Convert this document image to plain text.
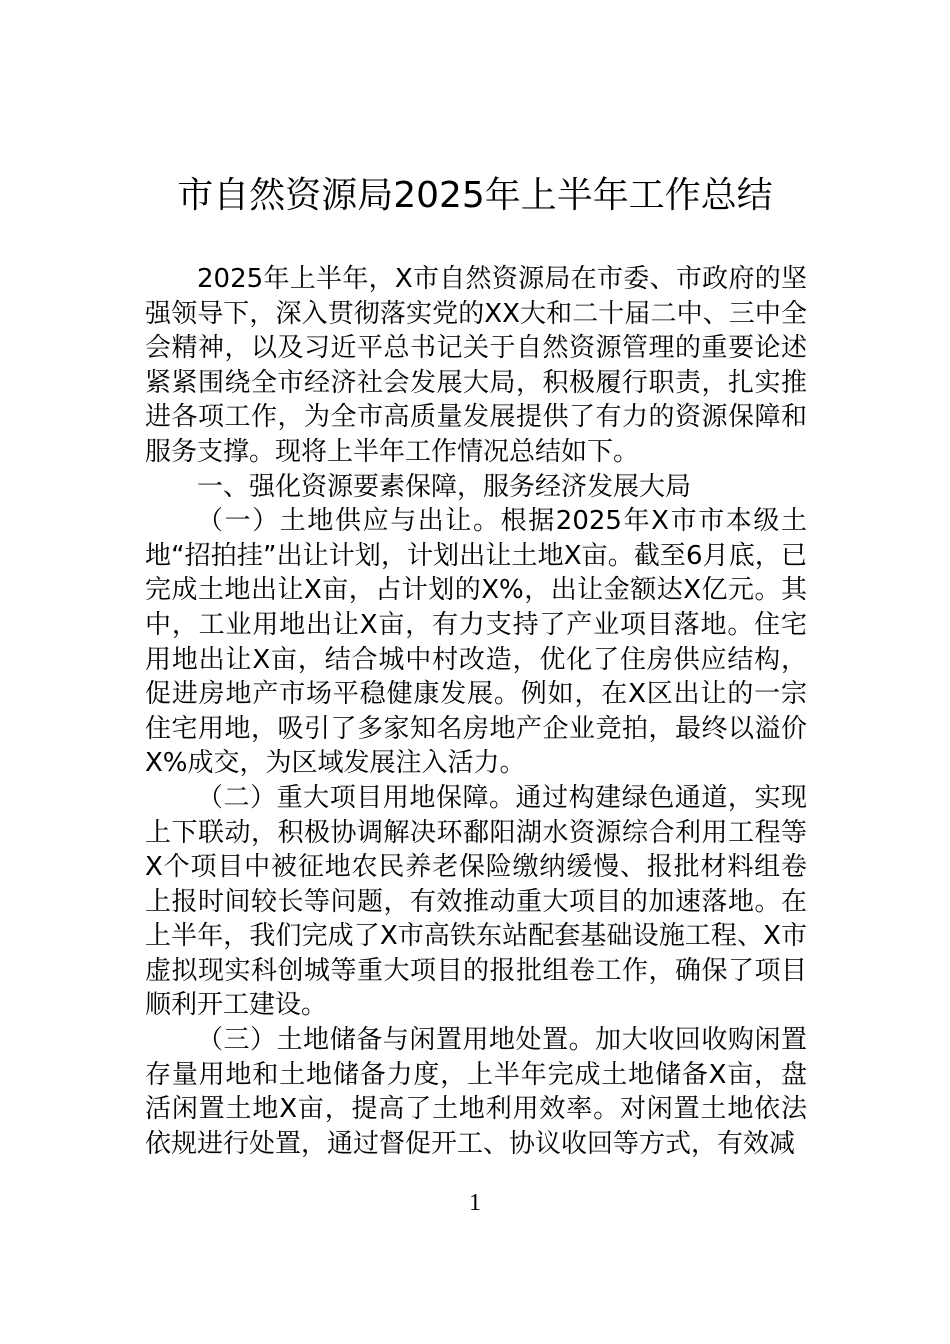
市自然资源局2025年上半年工作总结

2025年上半年，X市自然资源局在市委、市政府的坚强领导下，深入贯彻落实党的XX大和二十届二中、三中全会精神，以及习近平总书记关于自然资源管理的重要论述紧紧围绕全市经济社会发展大局，积极履行职责，扎实推进各项工作，为全市高质量发展提供了有力的资源保障和服务支撑。现将上半年工作情况总结如下。

一、强化资源要素保障，服务经济发展大局

（一）土地供应与出让。根据2025年X市市本级土地“招拍挂”出让计划，计划出让土地X亩。截至6月底，已完成土地出让X亩，占计划的X%，出让金额达X亿元。其中，工业用地出让X亩，有力支持了产业项目落地。住宅用地出让X亩，结合城中村改造，优化了住房供应结构，促进房地产市场平稳健康发展。例如，在X区出让的一宗住宅用地，吸引了多家知名房地产企业竞拍，最终以溢价X%成交，为区域发展注入活力。

（二）重大项目用地保障。通过构建绿色通道，实现上下联动，积极协调解决环鄱阳湖水资源综合利用工程等X个项目中被征地农民养老保险缴纳缓慢、报批材料组卷上报时间较长等问题，有效推动重大项目的加速落地。在上半年，我们完成了X市高铁东站配套基础设施工程、X市虚拟现实科创城等重大项目的报批组卷工作，确保了项目顺利开工建设。

（三）土地储备与闲置用地处置。加大收回收购闲置存量用地和土地储备力度，上半年完成土地储备X亩，盘活闲置土地X亩，提高了土地利用效率。对闲置土地依法依规进行处置，通过督促开工、协议收回等方式，有效减

1
